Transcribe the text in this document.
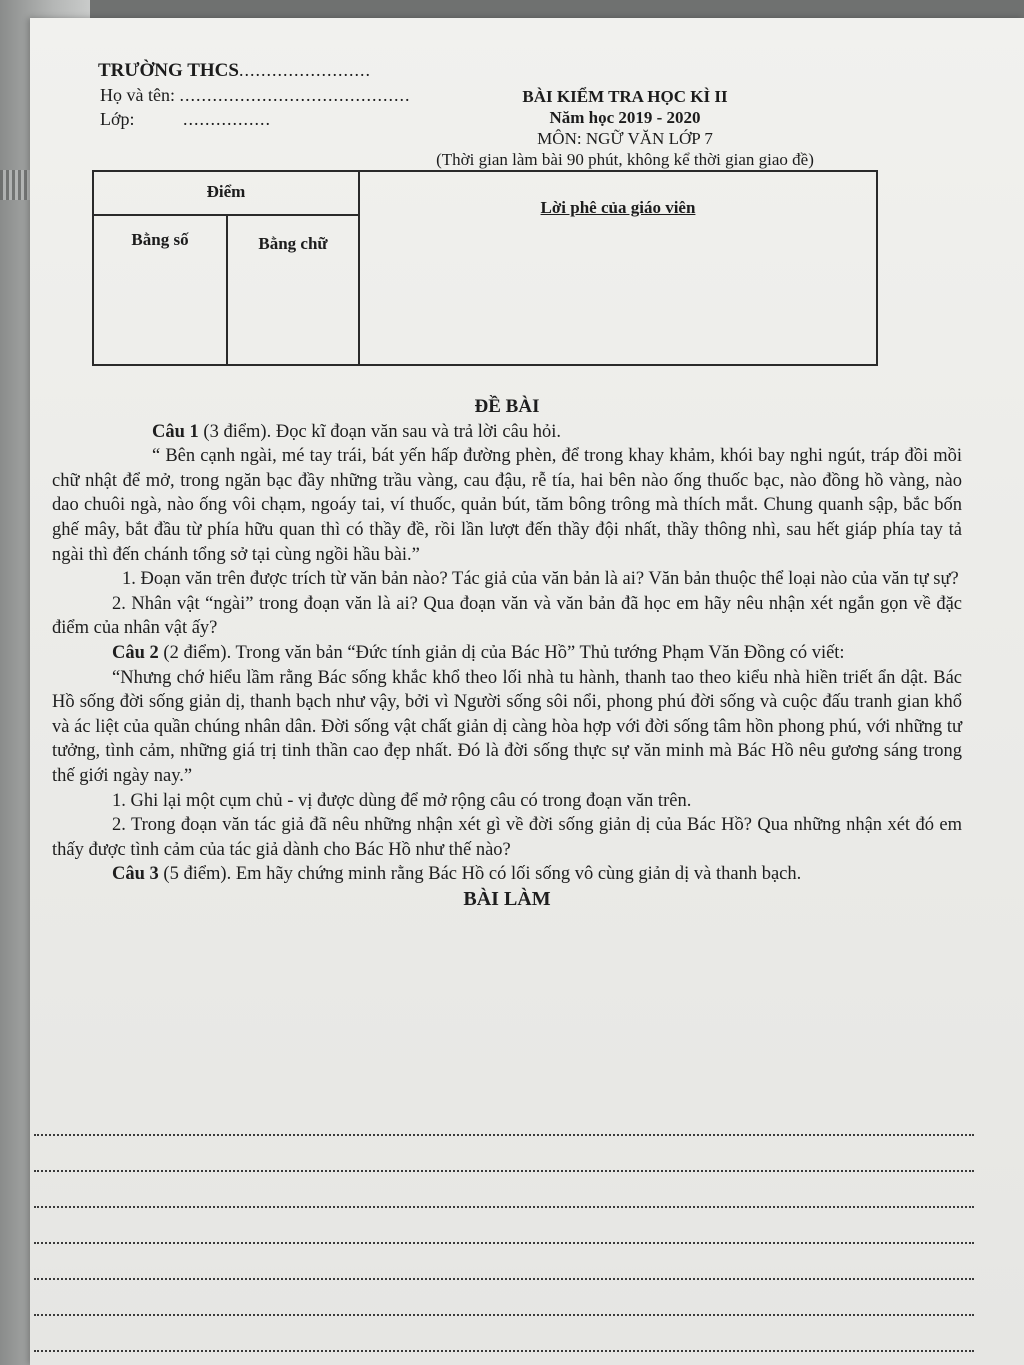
TRƯỜNG THCS........................
Họ và tên: ..........................................
Lớp:	................
BÀI KIỂM TRA HỌC KÌ II
Năm học 2019 - 2020
MÔN: NGỮ VĂN LỚP 7
(Thời gian làm bài 90 phút, không kể thời gian giao đề)
Điểm
Bằng số	Bằng chữ
Lời phê của giáo viên

ĐỀ BÀI

Câu 1 (3 điểm). Đọc kĩ đoạn văn sau và trả lời câu hỏi.

“ Bên cạnh ngài, mé tay trái, bát yến hấp đường phèn, để trong khay khảm, khói bay nghi ngút, tráp đồi mồi chữ nhật để mở, trong ngăn bạc đầy những trầu vàng, cau đậu, rễ tía, hai bên nào ống thuốc bạc, nào đồng hồ vàng, nào dao chuôi ngà, nào ống vôi chạm, ngoáy tai, ví thuốc, quản bút, tăm bông trông mà thích mắt. Chung quanh sập, bắc bốn ghế mây, bắt đầu từ phía hữu quan thì có thầy đề, rồi lần lượt đến thầy đội nhất, thầy thông nhì, sau hết giáp phía tay tả ngài thì đến chánh tổng sở tại cùng ngồi hầu bài.”

1. Đoạn văn trên được trích từ văn bản nào? Tác giả của văn bản là ai? Văn bản thuộc thể loại nào của văn tự sự?

2. Nhân vật “ngài” trong đoạn văn là ai? Qua đoạn văn và văn bản đã học em hãy nêu nhận xét ngắn gọn về đặc điểm của nhân vật ấy?

Câu 2 (2 điểm). Trong văn bản “Đức tính giản dị của Bác Hồ” Thủ tướng Phạm Văn Đồng có viết:

“Nhưng chớ hiểu lầm rằng Bác sống khắc khổ theo lối nhà tu hành, thanh tao theo kiểu nhà hiền triết ẩn dật. Bác Hồ sống đời sống giản dị, thanh bạch như vậy, bởi vì Người sống sôi nổi, phong phú đời sống và cuộc đấu tranh gian khổ và ác liệt của quần chúng nhân dân. Đời sống vật chất giản dị càng hòa hợp với đời sống tâm hồn phong phú, với những tư tưởng, tình cảm, những giá trị tinh thần cao đẹp nhất. Đó là đời sống thực sự văn minh mà Bác Hồ nêu gương sáng trong thế giới ngày nay.”

1. Ghi lại một cụm chủ - vị được dùng để mở rộng câu có trong đoạn văn trên.

2. Trong đoạn văn tác giả đã nêu những nhận xét gì về đời sống giản dị của Bác Hồ? Qua những nhận xét đó em thấy được tình cảm của tác giả dành cho Bác Hồ như thế nào?

Câu 3 (5 điểm). Em hãy chứng minh rằng Bác Hồ có lối sống vô cùng giản dị và thanh bạch.

BÀI LÀM
